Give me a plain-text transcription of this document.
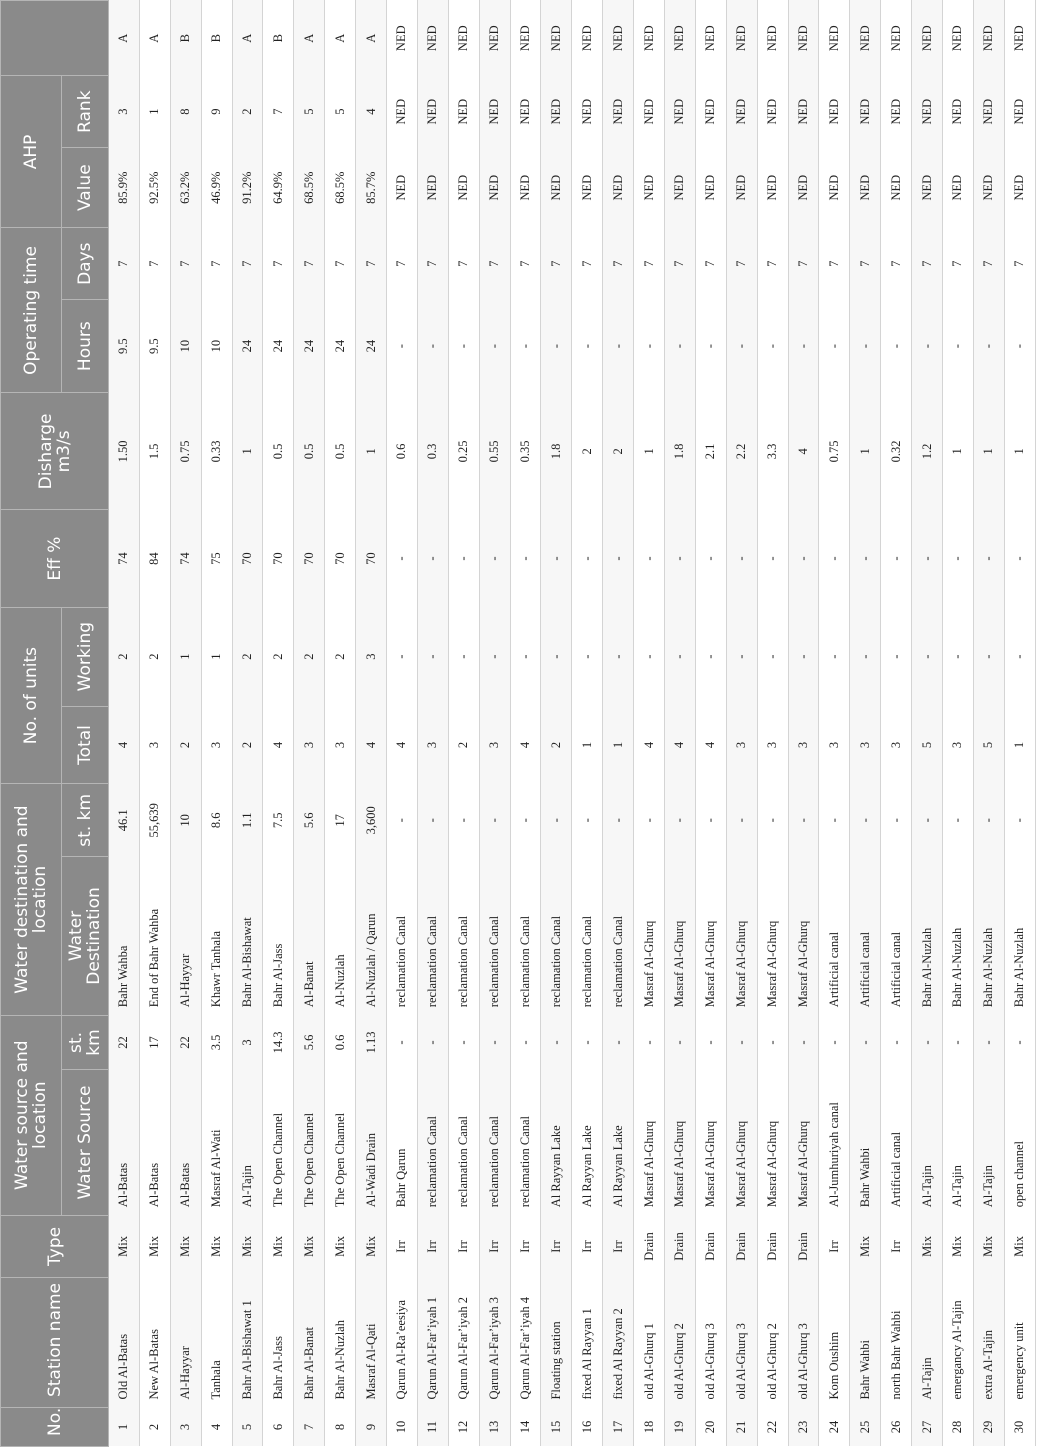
No.	Station name	Type	Water source and location		Water destination and location		No. of units		Eff %	Disharge m3/s	Operating time		AHP		
			Water Source	st. km	Water Destination	st. km	Total	Working			Hours	Days	Value	Rank	
1	Old Al-Batas	Mix	Al-Batas	22	Bahr Wahba	46.1	4	2	74	1.50	9.5	7	85.9%	3	A
2	New Al-Batas	Mix	Al-Batas	17	End of Bahr Wahba	55,639	3	2	84	1.5	9.5	7	92.5%	1	A
3	Al-Hayyar	Mix	Al-Batas	22	Al-Hayyar	10	2	1	74	0.75	10	7	63.2%	8	B
4	Tanhala	Mix	Masraf Al-Wati	3.5	Khawr Tanhala	8.6	3	1	75	0.33	10	7	46.9%	9	B
5	Bahr Al-Bishawat 1	Mix	Al-Tajin	3	Bahr Al-Bishawat	1.1	2	2	70	1	24	7	91.2%	2	A
6	Bahr Al-Jass	Mix	The Open Channel	14.3	Bahr Al-Jass	7.5	4	2	70	0.5	24	7	64.9%	7	B
7	Bahr Al-Banat	Mix	The Open Channel	5.6	Al-Banat	5.6	3	2	70	0.5	24	7	68.5%	5	A
8	Bahr Al-Nuzlah	Mix	The Open Channel	0.6	Al-Nuzlah	17	3	2	70	0.5	24	7	68.5%	5	A
9	Masraf Al-Qati	Mix	Al-Wadi Drain	1.13	Al-Nuzlah / Qarun	3,600	4	3	70	1	24	7	85.7%	4	A
10	Qarun Al-Ra’eesiya	Irr	Bahr Qarun	-	reclamation Canal	-	4	-	-	0.6	-	7	NED	NED	NED
11	Qarun Al-Far’iyah 1	Irr	reclamation Canal	-	reclamation Canal	-	3	-	-	0.3	-	7	NED	NED	NED
12	Qarun Al-Far’iyah 2	Irr	reclamation Canal	-	reclamation Canal	-	2	-	-	0.25	-	7	NED	NED	NED
13	Qarun Al-Far’iyah 3	Irr	reclamation Canal	-	reclamation Canal	-	3	-	-	0.55	-	7	NED	NED	NED
14	Qarun Al-Far’iyah 4	Irr	reclamation Canal	-	reclamation Canal	-	4	-	-	0.35	-	7	NED	NED	NED
15	Floating station	Irr	Al Rayyan Lake	-	reclamation Canal	-	2	-	-	1.8	-	7	NED	NED	NED
16	fixed Al Rayyan 1	Irr	Al Rayyan Lake	-	reclamation Canal	-	1	-	-	2	-	7	NED	NED	NED
17	fixed Al Rayyan 2	Irr	Al Rayyan Lake	-	reclamation Canal	-	1	-	-	2	-	7	NED	NED	NED
18	old Al-Ghurq 1	Drain	Masraf Al-Ghurq	-	Masraf Al-Ghurq	-	4	-	-	1	-	7	NED	NED	NED
19	old Al-Ghurq 2	Drain	Masraf Al-Ghurq	-	Masraf Al-Ghurq	-	4	-	-	1.8	-	7	NED	NED	NED
20	old Al-Ghurq 3	Drain	Masraf Al-Ghurq	-	Masraf Al-Ghurq	-	4	-	-	2.1	-	7	NED	NED	NED
21	old Al-Ghurq 3	Drain	Masraf Al-Ghurq	-	Masraf Al-Ghurq	-	3	-	-	2.2	-	7	NED	NED	NED
22	old Al-Ghurq 2	Drain	Masraf Al-Ghurq	-	Masraf Al-Ghurq	-	3	-	-	3.3	-	7	NED	NED	NED
23	old Al-Ghurq 3	Drain	Masraf Al-Ghurq	-	Masraf Al-Ghurq	-	3	-	-	4	-	7	NED	NED	NED
24	Kom Oushim	Irr	Al-Jumhuriyah canal	-	Artificial canal	-	3	-	-	0.75	-	7	NED	NED	NED
25	Bahr Wahbi	Mix	Bahr Wahbi	-	Artificial canal	-	3	-	-	1	-	7	NED	NED	NED
26	north Bahr Wahbi	Irr	Artificial canal	-	Artificial canal	-	3	-	-	0.32	-	7	NED	NED	NED
27	Al-Tajin	Mix	Al-Tajin	-	Bahr Al-Nuzlah	-	5	-	-	1.2	-	7	NED	NED	NED
28	emergancy Al-Tajin	Mix	Al-Tajin	-	Bahr Al-Nuzlah	-	3	-	-	1	-	7	NED	NED	NED
29	extra Al-Tajin	Mix	Al-Tajin	-	Bahr Al-Nuzlah	-	5	-	-	1	-	7	NED	NED	NED
30	emergency unit	Mix	open channel	-	Bahr Al-Nuzlah	-	1	-	-	1	-	7	NED	NED	NED
